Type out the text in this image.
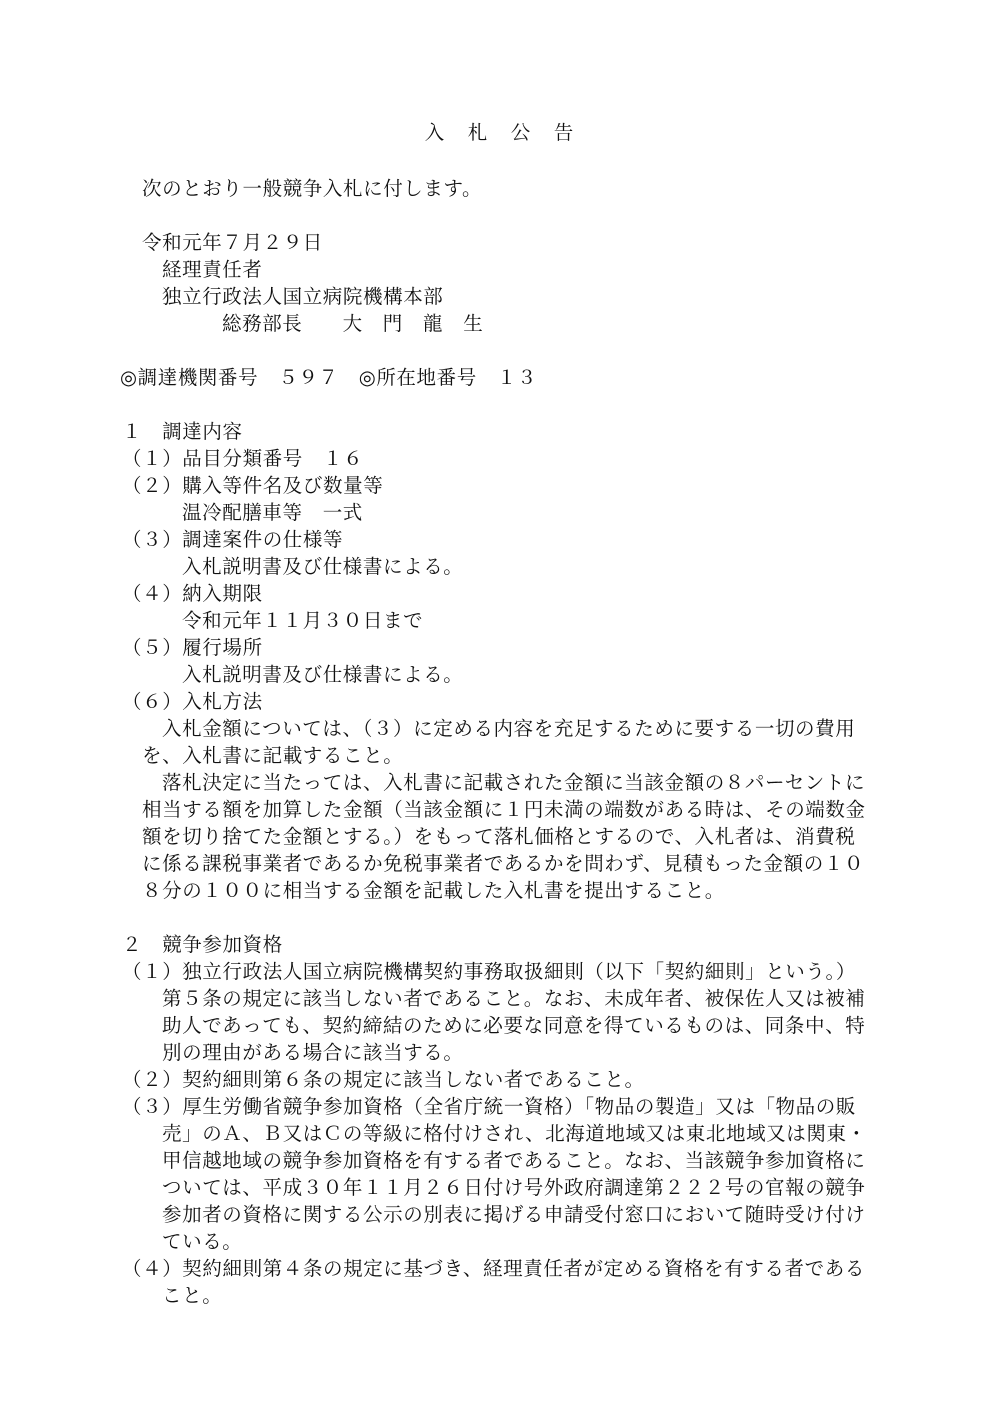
入　札　公　告

次のとおり一般競争入札に付します。

令和元年７月２９日

経理責任者

独立行政法人国立病院機構本部

総務部長　　大　門　龍　生

◎調達機関番号　５９７　◎所在地番号　１３

１　調達内容

（１）品目分類番号　１６

（２）購入等件名及び数量等

温冷配膳車等　一式

（３）調達案件の仕様等

入札説明書及び仕様書による。

（４）納入期限

令和元年１１月３０日まで

（５）履行場所

入札説明書及び仕様書による。

（６）入札方法

入札金額については、（３）に定める内容を充足するために要する一切の費用

を、入札書に記載すること。

落札決定に当たっては、入札書に記載された金額に当該金額の８パーセントに

相当する額を加算した金額（当該金額に１円未満の端数がある時は、その端数金

額を切り捨てた金額とする。）をもって落札価格とするので、入札者は、消費税

に係る課税事業者であるか免税事業者であるかを問わず、見積もった金額の１０

８分の１００に相当する金額を記載した入札書を提出すること。

２　競争参加資格

（１）独立行政法人国立病院機構契約事務取扱細則（以下「契約細則」という。）

第５条の規定に該当しない者であること。なお、未成年者、被保佐人又は被補

助人であっても、契約締結のために必要な同意を得ているものは、同条中、特

別の理由がある場合に該当する。

（２）契約細則第６条の規定に該当しない者であること。

（３）厚生労働省競争参加資格（全省庁統一資格）「物品の製造」又は「物品の販

売」のＡ、Ｂ又はＣの等級に格付けされ、北海道地域又は東北地域又は関東・

甲信越地域の競争参加資格を有する者であること。なお、当該競争参加資格に

ついては、平成３０年１１月２６日付け号外政府調達第２２２号の官報の競争

参加者の資格に関する公示の別表に掲げる申請受付窓口において随時受け付け

ている。

（４）契約細則第４条の規定に基づき、経理責任者が定める資格を有する者である

こと。
